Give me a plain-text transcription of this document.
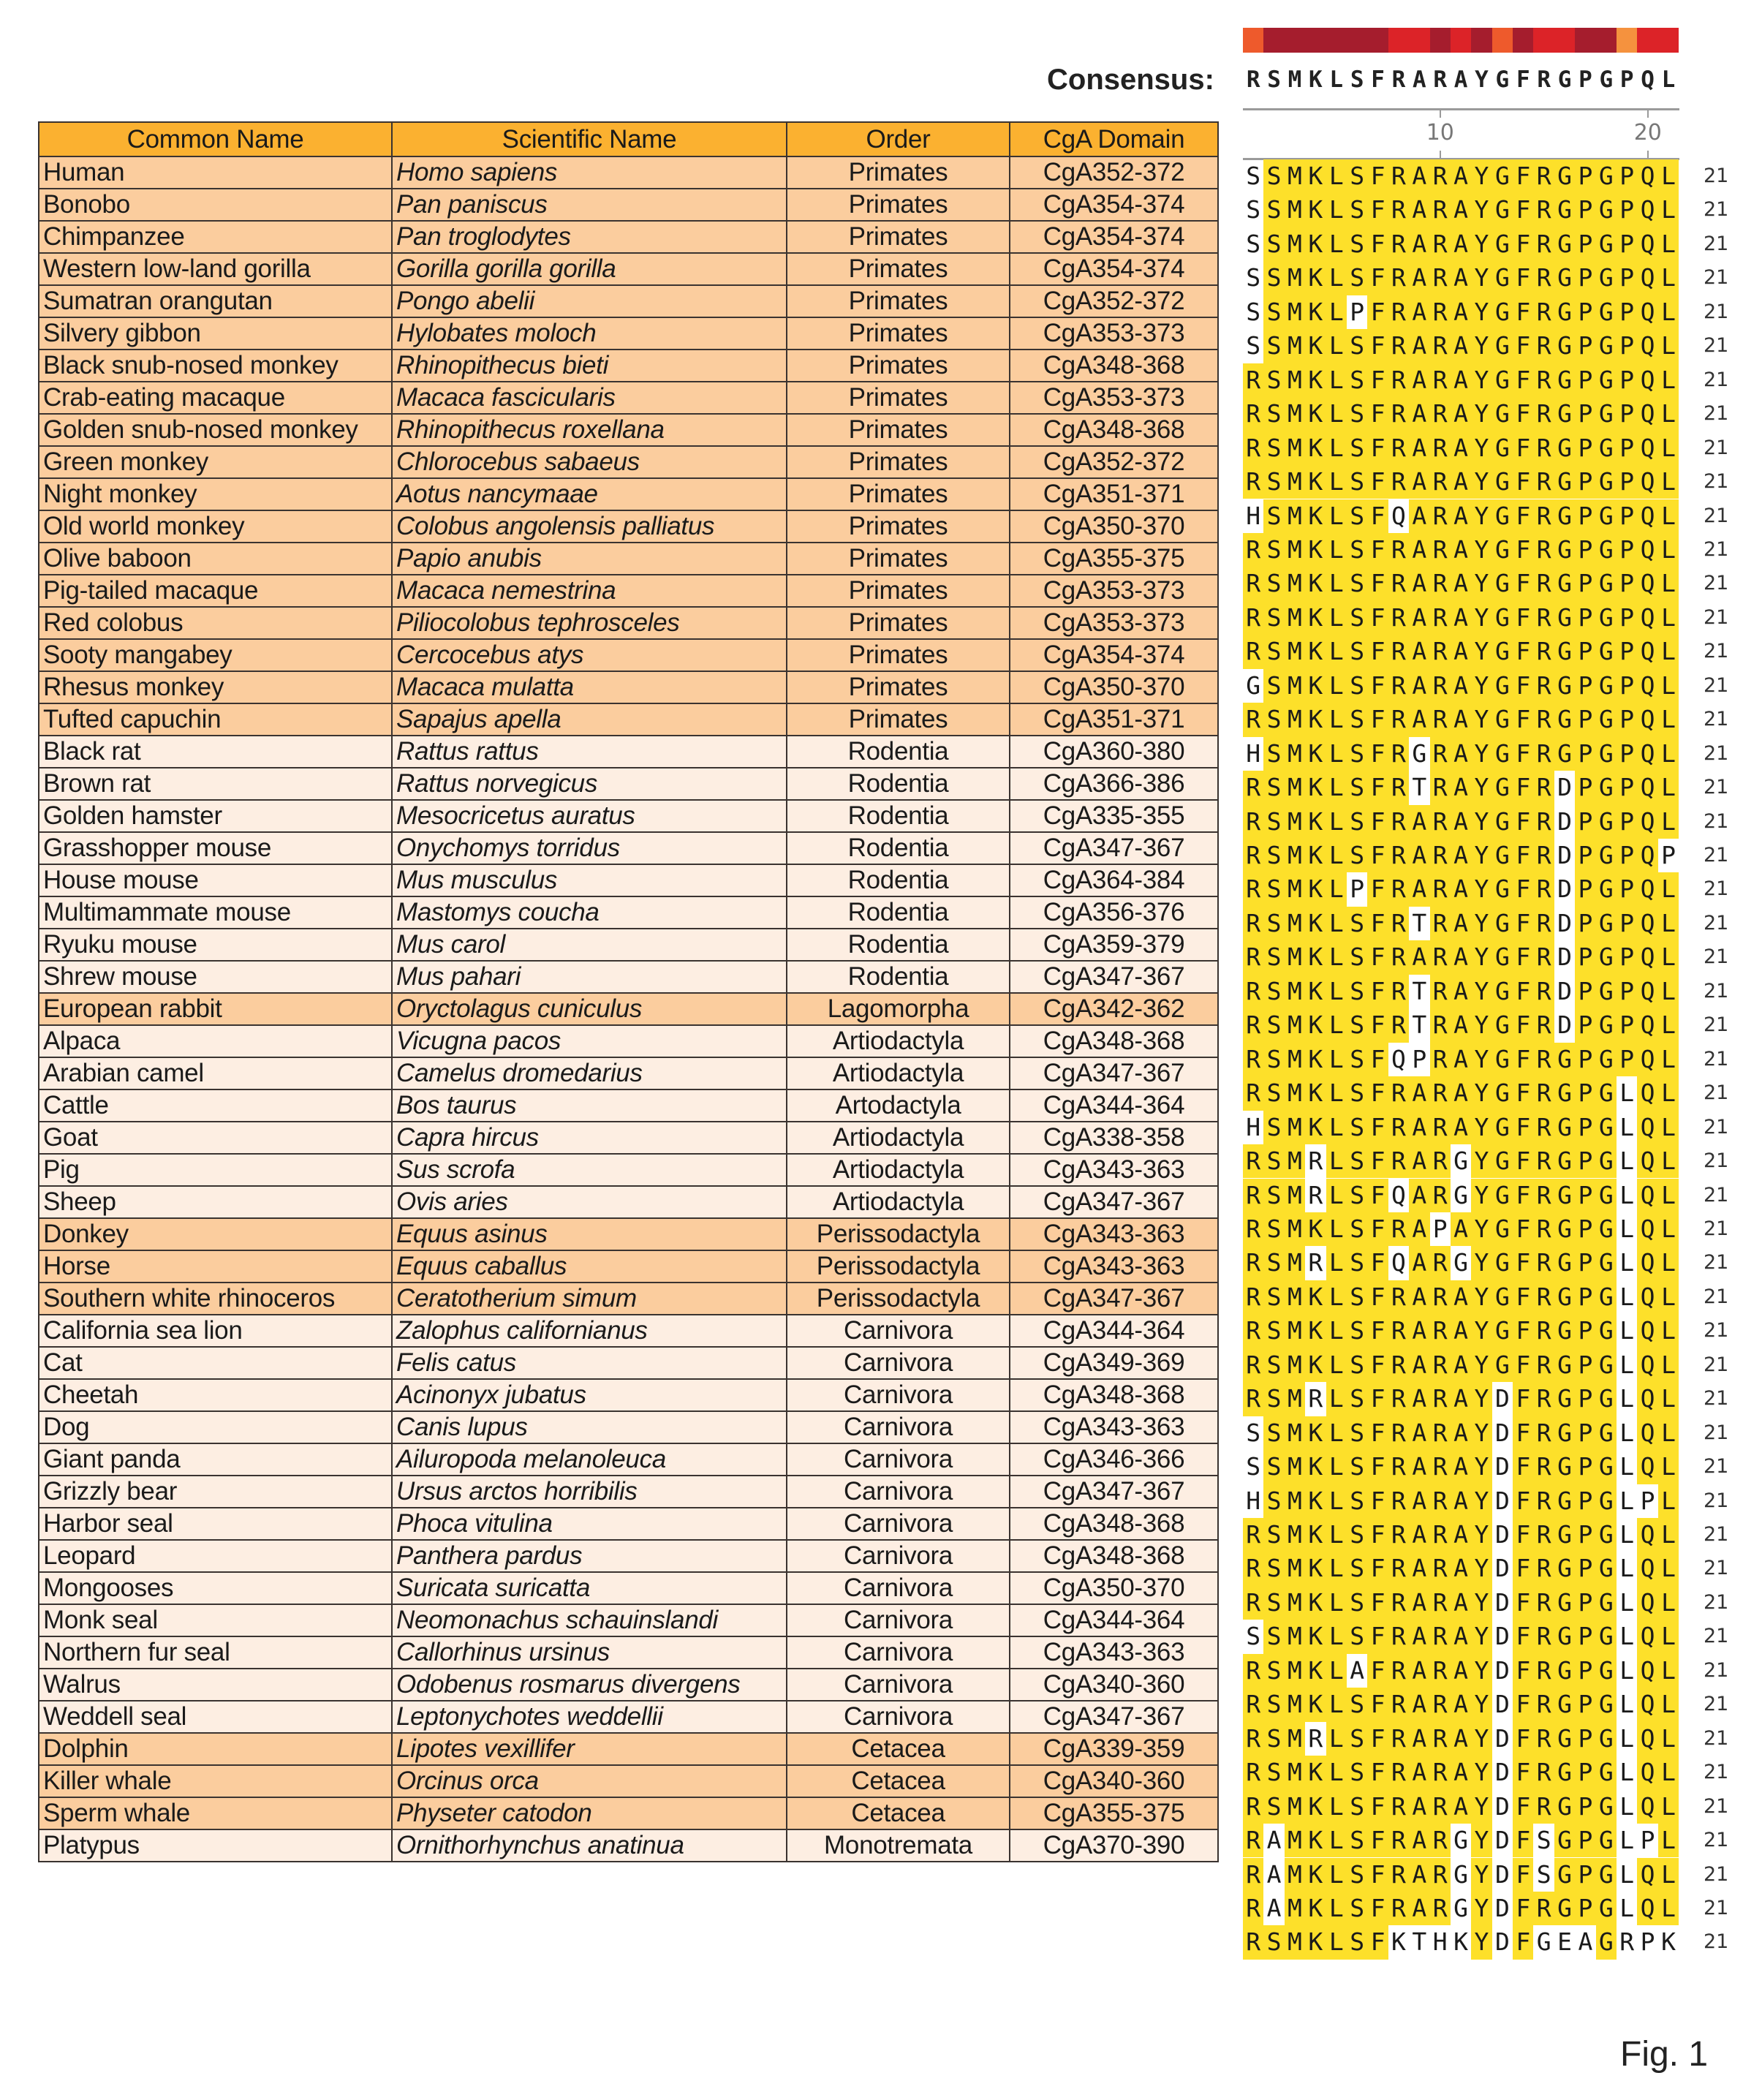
Common Name	Scientific Name	Order	CgA Domain
Human	Homo sapiens	Primates	CgA352-372
Bonobo	Pan paniscus	Primates	CgA354-374
Chimpanzee	Pan troglodytes	Primates	CgA354-374
Western low-land gorilla	Gorilla gorilla gorilla	Primates	CgA354-374
Sumatran orangutan	Pongo abelii	Primates	CgA352-372
Silvery gibbon	Hylobates moloch	Primates	CgA353-373
Black snub-nosed monkey	Rhinopithecus bieti	Primates	CgA348-368
Crab-eating macaque	Macaca fascicularis	Primates	CgA353-373
Golden snub-nosed monkey	Rhinopithecus roxellana	Primates	CgA348-368
Green monkey	Chlorocebus sabaeus	Primates	CgA352-372
Night monkey	Aotus nancymaae	Primates	CgA351-371
Old world monkey	Colobus angolensis palliatus	Primates	CgA350-370
Olive baboon	Papio anubis	Primates	CgA355-375
Pig-tailed macaque	Macaca nemestrina	Primates	CgA353-373
Red colobus	Piliocolobus tephrosceles	Primates	CgA353-373
Sooty mangabey	Cercocebus atys	Primates	CgA354-374
Rhesus monkey	Macaca mulatta	Primates	CgA350-370
Tufted capuchin	Sapajus apella	Primates	CgA351-371
Black rat	Rattus rattus	Rodentia	CgA360-380
Brown rat	Rattus norvegicus	Rodentia	CgA366-386
Golden hamster	Mesocricetus auratus	Rodentia	CgA335-355
Grasshopper mouse	Onychomys torridus	Rodentia	CgA347-367
House mouse	Mus musculus	Rodentia	CgA364-384
Multimammate mouse	Mastomys coucha	Rodentia	CgA356-376
Ryuku mouse	Mus carol	Rodentia	CgA359-379
Shrew mouse	Mus pahari	Rodentia	CgA347-367
European rabbit	Oryctolagus cuniculus	Lagomorpha	CgA342-362
Alpaca	Vicugna pacos	Artiodactyla	CgA348-368
Arabian camel	Camelus dromedarius	Artiodactyla	CgA347-367
Cattle	Bos taurus	Artodactyla	CgA344-364
Goat	Capra hircus	Artiodactyla	CgA338-358
Pig	Sus scrofa	Artiodactyla	CgA343-363
Sheep	Ovis aries	Artiodactyla	CgA347-367
Donkey	Equus asinus	Perissodactyla	CgA343-363
Horse	Equus caballus	Perissodactyla	CgA343-363
Southern white rhinoceros	Ceratotherium simum	Perissodactyla	CgA347-367
California sea lion	Zalophus californianus	Carnivora	CgA344-364
Cat	Felis catus	Carnivora	CgA349-369
Cheetah	Acinonyx jubatus	Carnivora	CgA348-368
Dog	Canis lupus	Carnivora	CgA343-363
Giant panda	Ailuropoda melanoleuca	Carnivora	CgA346-366
Grizzly bear	Ursus arctos horribilis	Carnivora	CgA347-367
Harbor seal	Phoca vitulina	Carnivora	CgA348-368
Leopard	Panthera pardus	Carnivora	CgA348-368
Mongooses	Suricata suricatta	Carnivora	CgA350-370
Monk seal	Neomonachus schauinslandi	Carnivora	CgA344-364
Northern fur seal	Callorhinus ursinus	Carnivora	CgA343-363
Walrus	Odobenus rosmarus divergens	Carnivora	CgA340-360
Weddell seal	Leptonychotes weddellii	Carnivora	CgA347-367
Dolphin	Lipotes vexillifer	Cetacea	CgA339-359
Killer whale	Orcinus orca	Cetacea	CgA340-360
Sperm whale	Physeter catodon	Cetacea	CgA355-375
Platypus	Ornithorhynchus anatinua	Monotremata	CgA370-390
Consensus: R S M K L S F R A R A Y G F R G P G P Q L
10	20
S S M K L S F R A R A Y G F R G P G P Q L 21
S S M K L S F R A R A Y G F R G P G P Q L 21
S S M K L S F R A R A Y G F R G P G P Q L 21
S S M K L S F R A R A Y G F R G P G P Q L 21
S S M K L P F R A R A Y G F R G P G P Q L 21
S S M K L S F R A R A Y G F R G P G P Q L 21
R S M K L S F R A R A Y G F R G P G P Q L 21
R S M K L S F R A R A Y G F R G P G P Q L 21
R S M K L S F R A R A Y G F R G P G P Q L 21
R S M K L S F R A R A Y G F R G P G P Q L 21
H S M K L S F Q A R A Y G F R G P G P Q L 21
R S M K L S F R A R A Y G F R G P G P Q L 21
R S M K L S F R A R A Y G F R G P G P Q L 21
R S M K L S F R A R A Y G F R G P G P Q L 21
R S M K L S F R A R A Y G F R G P G P Q L 21
G S M K L S F R A R A Y G F R G P G P Q L 21
R S M K L S F R A R A Y G F R G P G P Q L 21
H S M K L S F R G R A Y G F R G P G P Q L 21
R S M K L S F R T R A Y G F R D P G P Q L 21
R S M K L S F R A R A Y G F R D P G P Q L 21
R S M K L S F R A R A Y G F R D P G P Q P 21
R S M K L P F R A R A Y G F R D P G P Q L 21
R S M K L S F R T R A Y G F R D P G P Q L 21
R S M K L S F R A R A Y G F R D P G P Q L 21
R S M K L S F R T R A Y G F R D P G P Q L 21
R S M K L S F R T R A Y G F R D P G P Q L 21
R S M K L S F Q P R A Y G F R G P G P Q L 21
R S M K L S F R A R A Y G F R G P G L Q L 21
H S M K L S F R A R A Y G F R G P G L Q L 21
R S M R L S F R A R G Y G F R G P G L Q L 21
R S M R L S F Q A R G Y G F R G P G L Q L 21
R S M K L S F R A P A Y G F R G P G L Q L 21
R S M R L S F Q A R G Y G F R G P G L Q L 21
R S M K L S F R A R A Y G F R G P G L Q L 21
R S M K L S F R A R A Y G F R G P G L Q L 21
R S M K L S F R A R A Y G F R G P G L Q L 21
R S M R L S F R A R A Y D F R G P G L Q L 21
S S M K L S F R A R A Y D F R G P G L Q L 21
S S M K L S F R A R A Y D F R G P G L Q L 21
H S M K L S F R A R A Y D F R G P G L P L 21
R S M K L S F R A R A Y D F R G P G L Q L 21
R S M K L S F R A R A Y D F R G P G L Q L 21
R S M K L S F R A R A Y D F R G P G L Q L 21
S S M K L S F R A R A Y D F R G P G L Q L 21
R S M K L A F R A R A Y D F R G P G L Q L 21
R S M K L S F R A R A Y D F R G P G L Q L 21
R S M R L S F R A R A Y D F R G P G L Q L 21
R S M K L S F R A R A Y D F R G P G L Q L 21
R S M K L S F R A R A Y D F R G P G L Q L 21
R A M K L S F R A R G Y D F S G P G L P L 21
R A M K L S F R A R G Y D F S G P G L Q L 21
R A M K L S F R A R G Y D F R G P G L Q L 21
R S M K L S F K T H K Y D F G E A G R P K 21
Fig. 1
